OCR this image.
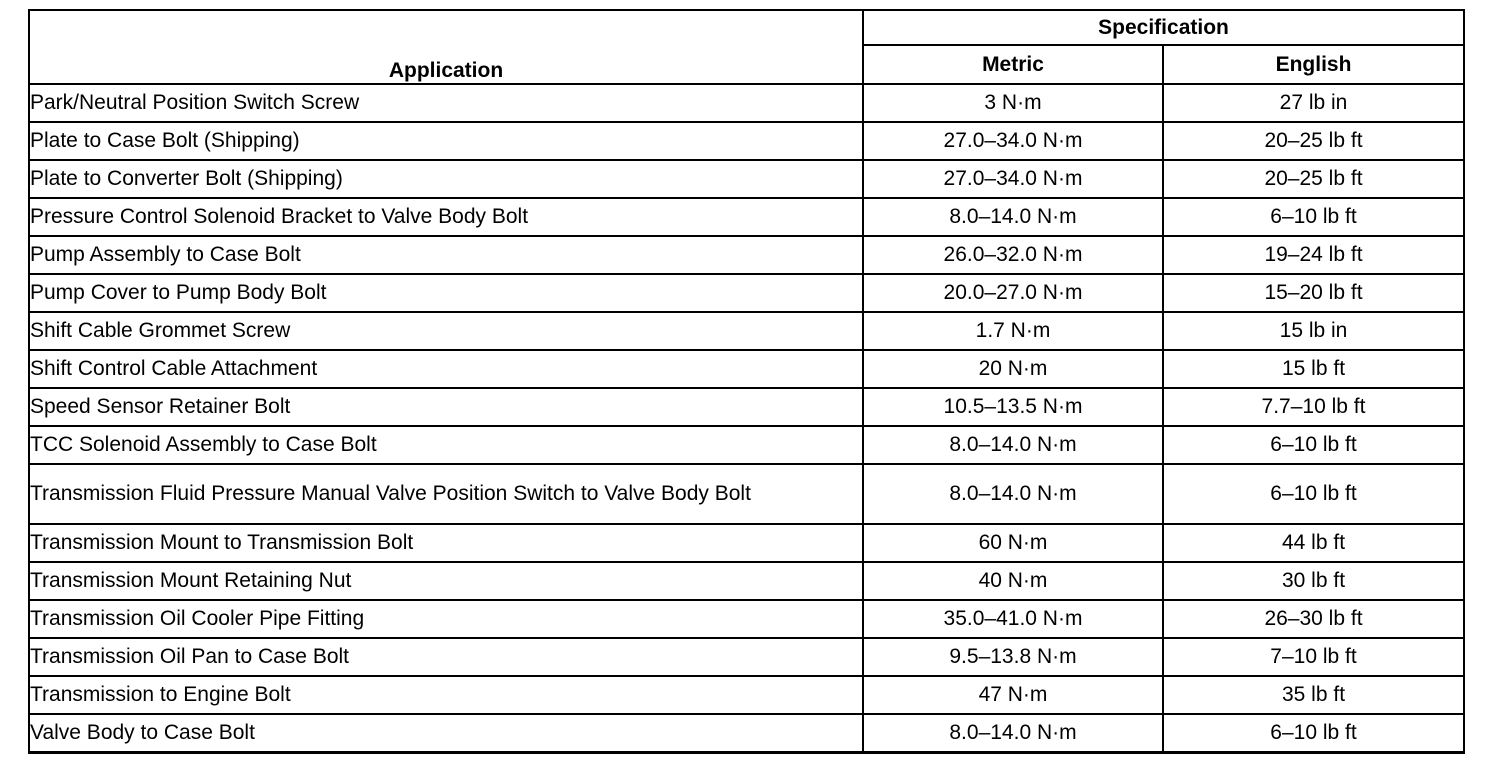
Application	Specification	
	Metric	English
Park/Neutral Position Switch Screw	3 N·m	27 lb in
Plate to Case Bolt (Shipping)	27.0–34.0 N·m	20–25 lb ft
Plate to Converter Bolt (Shipping)	27.0–34.0 N·m	20–25 lb ft
Pressure Control Solenoid Bracket to Valve Body Bolt	8.0–14.0 N·m	6–10 lb ft
Pump Assembly to Case Bolt	26.0–32.0 N·m	19–24 lb ft
Pump Cover to Pump Body Bolt	20.0–27.0 N·m	15–20 lb ft
Shift Cable Grommet Screw	1.7 N·m	15 lb in
Shift Control Cable Attachment	20 N·m	15 lb ft
Speed Sensor Retainer Bolt	10.5–13.5 N·m	7.7–10 lb ft
TCC Solenoid Assembly to Case Bolt	8.0–14.0 N·m	6–10 lb ft
Transmission Fluid Pressure Manual Valve Position Switch to Valve Body Bolt	8.0–14.0 N·m	6–10 lb ft
Transmission Mount to Transmission Bolt	60 N·m	44 lb ft
Transmission Mount Retaining Nut	40 N·m	30 lb ft
Transmission Oil Cooler Pipe Fitting	35.0–41.0 N·m	26–30 lb ft
Transmission Oil Pan to Case Bolt	9.5–13.8 N·m	7–10 lb ft
Transmission to Engine Bolt	47 N·m	35 lb ft
Valve Body to Case Bolt	8.0–14.0 N·m	6–10 lb ft
